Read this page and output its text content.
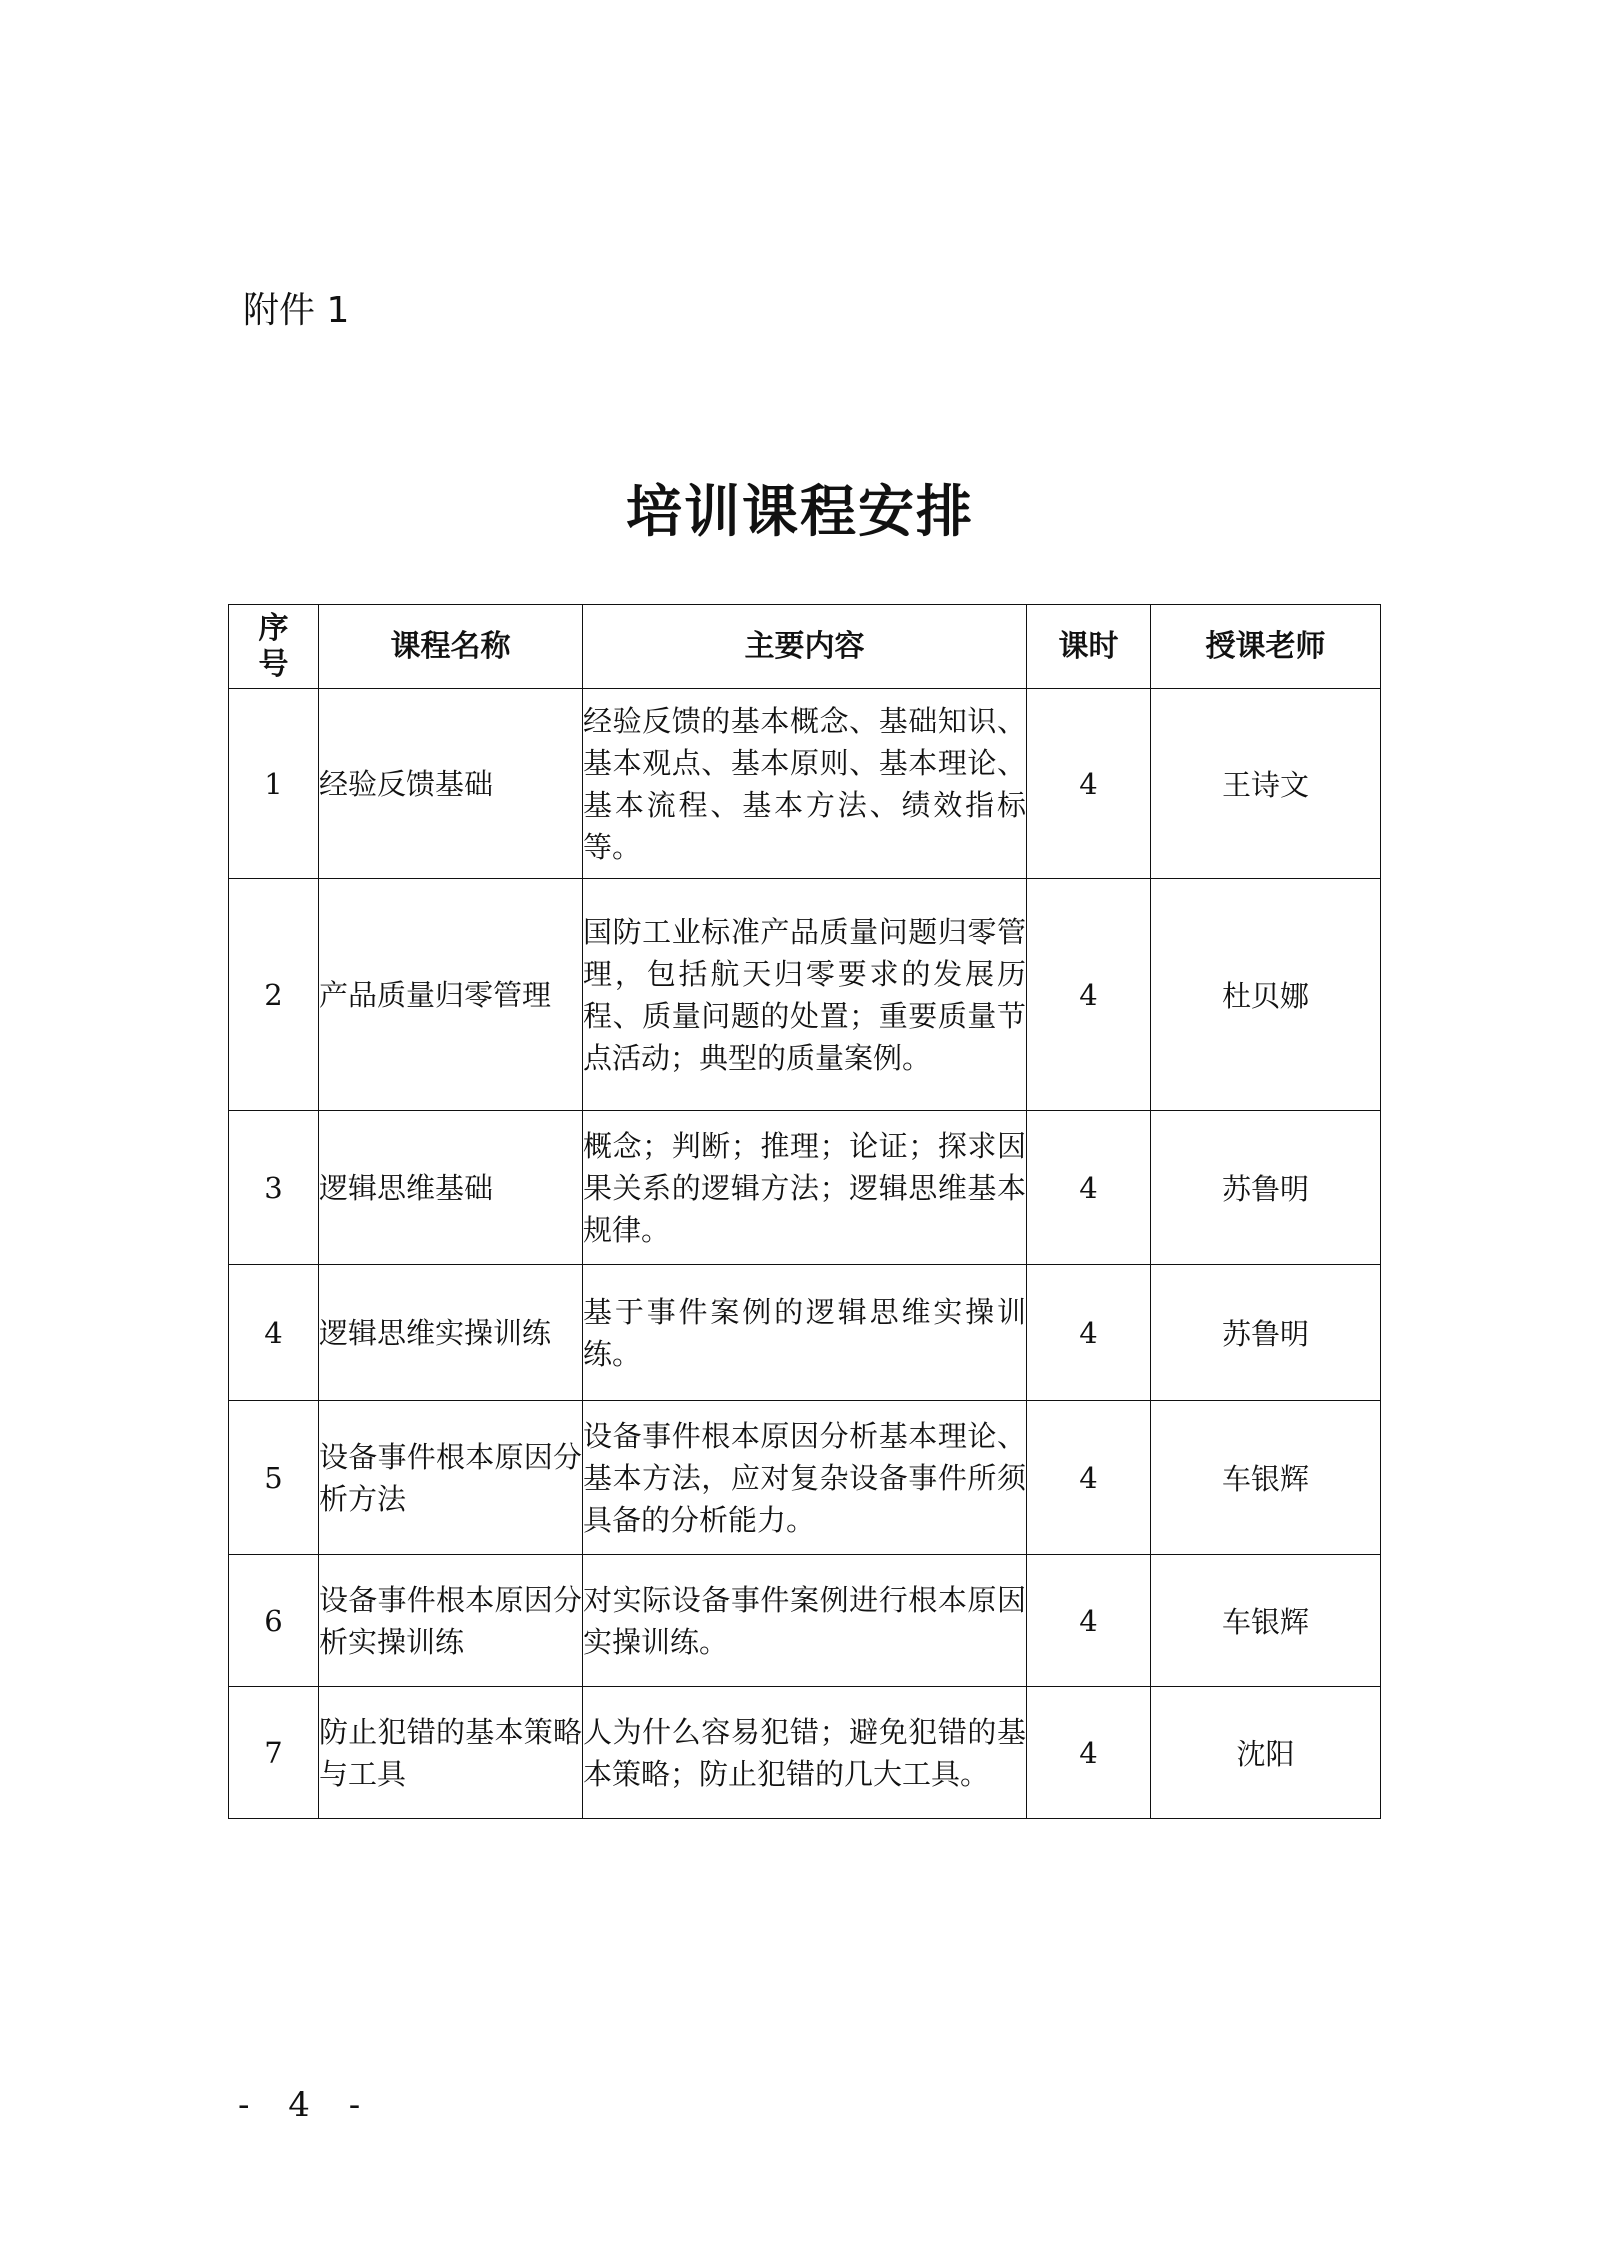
附件 1
培训课程安排
序号	课程名称	主要内容	课时	授课老师
1	经验反馈基础	经验反馈的基本概念、基础知识、基本观点、基本原则、基本理论、基本流程、基本方法、绩效指标等。	4	王诗文
2	产品质量归零管理	国防工业标准产品质量问题归零管理，包括航天归零要求的发展历程、质量问题的处置；重要质量节点活动；典型的质量案例。	4	杜贝娜
3	逻辑思维基础	概念；判断；推理；论证；探求因果关系的逻辑方法；逻辑思维基本规律。	4	苏鲁明
4	逻辑思维实操训练	基于事件案例的逻辑思维实操训练。	4	苏鲁明
5	设备事件根本原因分析方法	设备事件根本原因分析基本理论、基本方法，应对复杂设备事件所须具备的分析能力。	4	车银辉
6	设备事件根本原因分析实操训练	对实际设备事件案例进行根本原因实操训练。	4	车银辉
7	防止犯错的基本策略与工具	人为什么容易犯错；避免犯错的基本策略；防止犯错的几大工具。	4	沈阳
- 4 -
